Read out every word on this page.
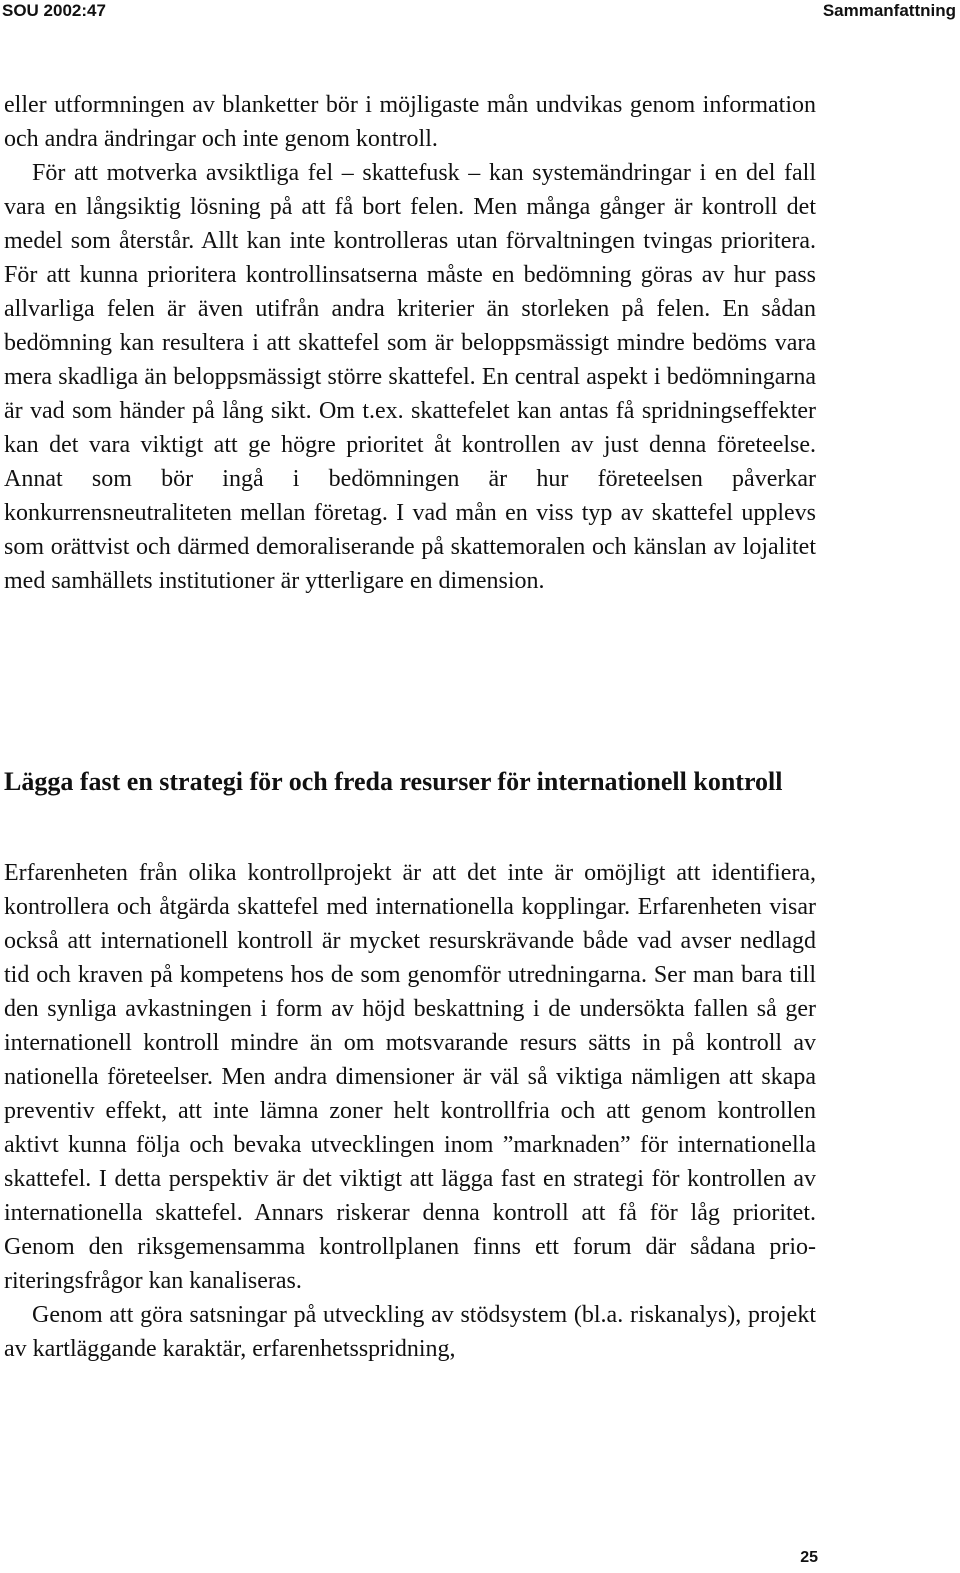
SOU 2002:47	Sammanfattning

eller utformningen av blanketter bör i möjligaste mån undvikas genom information och andra ändringar och inte genom kontroll.

För att motverka avsiktliga fel – skattefusk – kan systemändringar i en del fall vara en långsiktig lösning på att få bort felen. Men många gånger är kontroll det medel som återstår. Allt kan inte kontrolleras utan förvaltningen tvingas prioritera. För att kunna prioritera kontrollinsatserna måste en bedömning göras av hur pass allvarliga felen är även utifrån andra kriterier än storleken på felen. En sådan bedömning kan resultera i att skattefel som är beloppsmässigt mindre bedöms vara mera skadliga än beloppsmässigt större skattefel. En central aspekt i bedömningarna är vad som händer på lång sikt. Om t.ex. skattefelet kan antas få spridningseffekter kan det vara viktigt att ge högre prioritet åt kontrollen av just denna företeelse. Annat som bör ingå i bedömningen är hur företeelsen påverkar konkurrensneutraliteten mellan företag. I vad mån en viss typ av skattefel upplevs som orättvist och därmed demoraliserande på skattemoralen och känslan av lojalitet med samhällets institutioner är ytterligare en dimension.

Lägga fast en strategi för och freda resurser för internationell kontroll

Erfarenheten från olika kontrollprojekt är att det inte är omöjligt att identifiera, kontrollera och åtgärda skattefel med internationella kopplingar. Erfarenheten visar också att internationell kontroll är mycket resurskrävande både vad avser nedlagd tid och kraven på kompetens hos de som genomför utredningarna. Ser man bara till den synliga avkastningen i form av höjd beskattning i de undersökta fallen så ger internationell kontroll mindre än om motsvarande resurs sätts in på kontroll av nationella företeelser. Men andra dimensioner är väl så viktiga nämligen att skapa preventiv effekt, att inte lämna zoner helt kontrollfria och att genom kontrollen aktivt kunna följa och bevaka utvecklingen inom ”marknaden” för internationella skattefel. I detta perspektiv är det viktigt att lägga fast en strategi för kontrollen av internationella skattefel. Annars riskerar denna kontroll att få för låg prioritet. Genom den riksgemensamma kontrollplanen finns ett forum där sådana prioriteringsfrågor kan kanaliseras.

Genom att göra satsningar på utveckling av stödsystem (bl.a. riskanalys), projekt av kartläggande karaktär, erfarenhetsspridning,

25
